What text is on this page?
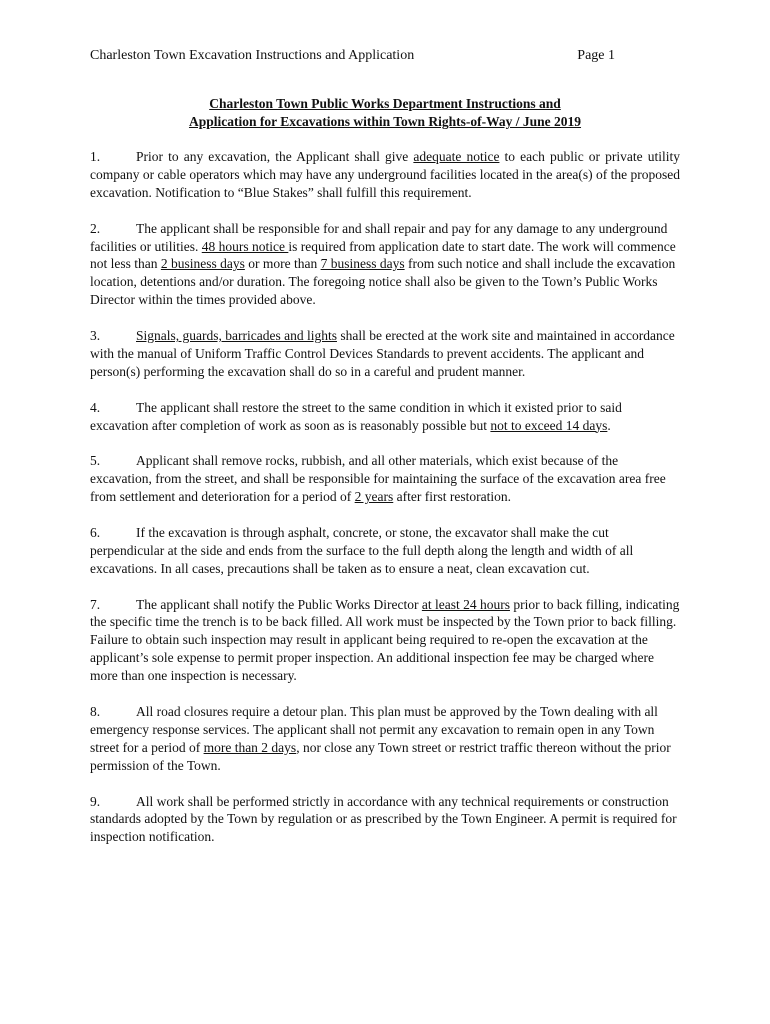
Charleston Town Excavation Instructions and Application	Page 1
Charleston Town Public Works Department Instructions and
Application for Excavations within Town Rights-of-Way / June 2019

1.	Prior to any excavation, the Applicant shall give adequate notice to each public or private utility company or cable operators which may have any underground facilities located in the area(s) of the proposed excavation. Notification to “Blue Stakes” shall fulfill this requirement.

2.	The applicant shall be responsible for and shall repair and pay for any damage to any underground facilities or utilities. 48 hours notice is required from application date to start date. The work will commence not less than 2 business days or more than 7 business days from such notice and shall include the excavation location, detentions and/or duration. The foregoing notice shall also be given to the Town’s Public Works Director within the times provided above.

3.	Signals, guards, barricades and lights shall be erected at the work site and maintained in accordance with the manual of Uniform Traffic Control Devices Standards to prevent accidents. The applicant and person(s) performing the excavation shall do so in a careful and prudent manner.

4.	The applicant shall restore the street to the same condition in which it existed prior to said excavation after completion of work as soon as is reasonably possible but not to exceed 14 days.

5.	Applicant shall remove rocks, rubbish, and all other materials, which exist because of the excavation, from the street, and shall be responsible for maintaining the surface of the excavation area free from settlement and deterioration for a period of 2 years after first restoration.

6.	If the excavation is through asphalt, concrete, or stone, the excavator shall make the cut perpendicular at the side and ends from the surface to the full depth along the length and width of all excavations. In all cases, precautions shall be taken as to ensure a neat, clean excavation cut.

7.	The applicant shall notify the Public Works Director at least 24 hours prior to back filling, indicating the specific time the trench is to be back filled. All work must be inspected by the Town prior to back filling. Failure to obtain such inspection may result in applicant being required to re-open the excavation at the applicant’s sole expense to permit proper inspection. An additional inspection fee may be charged where more than one inspection is necessary.

8.	All road closures require a detour plan. This plan must be approved by the Town dealing with all emergency response services. The applicant shall not permit any excavation to remain open in any Town street for a period of more than 2 days, nor close any Town street or restrict traffic thereon without the prior permission of the Town.

9.	All work shall be performed strictly in accordance with any technical requirements or construction standards adopted by the Town by regulation or as prescribed by the Town Engineer. A permit is required for inspection notification.
